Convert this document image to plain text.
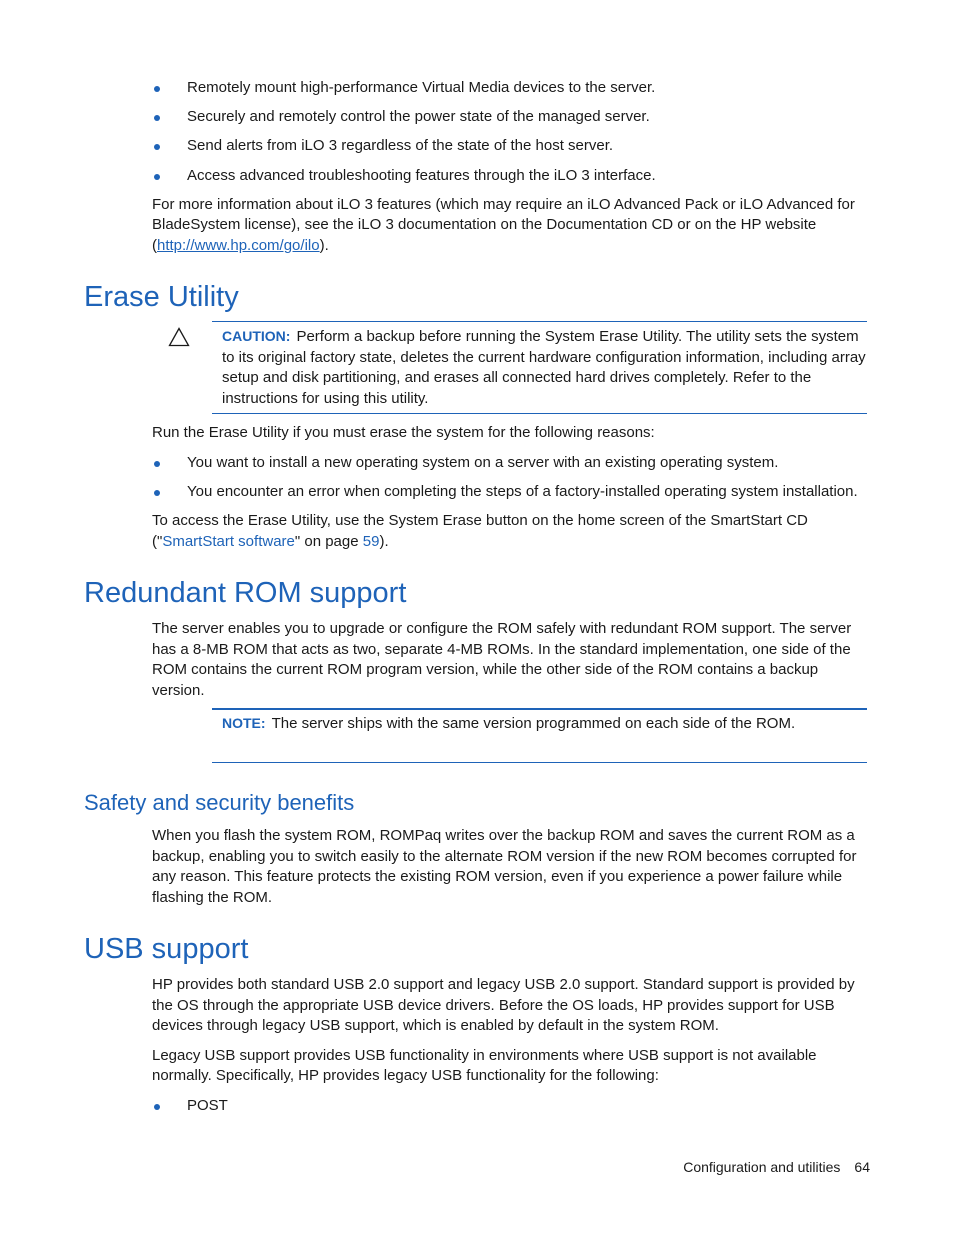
Remotely mount high-performance Virtual Media devices to the server.
Securely and remotely control the power state of the managed server.
Send alerts from iLO 3 regardless of the state of the host server.
Access advanced troubleshooting features through the iLO 3 interface.

For more information about iLO 3 features (which may require an iLO Advanced Pack or iLO Advanced for BladeSystem license), see the iLO 3 documentation on the Documentation CD or on the HP website (http://www.hp.com/go/ilo).

Erase Utility
CAUTION: Perform a backup before running the System Erase Utility. The utility sets the system to its original factory state, deletes the current hardware configuration information, including array setup and disk partitioning, and erases all connected hard drives completely. Refer to the instructions for using this utility.

Run the Erase Utility if you must erase the system for the following reasons:

You want to install a new operating system on a server with an existing operating system.
You encounter an error when completing the steps of a factory-installed operating system installation.

To access the Erase Utility, use the System Erase button on the home screen of the SmartStart CD ("SmartStart software" on page 59).

Redundant ROM support

The server enables you to upgrade or configure the ROM safely with redundant ROM support. The server has a 8-MB ROM that acts as two, separate 4-MB ROMs. In the standard implementation, one side of the ROM contains the current ROM program version, while the other side of the ROM contains a backup version.

NOTE: The server ships with the same version programmed on each side of the ROM.
Safety and security benefits

When you flash the system ROM, ROMPaq writes over the backup ROM and saves the current ROM as a backup, enabling you to switch easily to the alternate ROM version if the new ROM becomes corrupted for any reason. This feature protects the existing ROM version, even if you experience a power failure while flashing the ROM.

USB support

HP provides both standard USB 2.0 support and legacy USB 2.0 support. Standard support is provided by the OS through the appropriate USB device drivers. Before the OS loads, HP provides support for USB devices through legacy USB support, which is enabled by default in the system ROM.

Legacy USB support provides USB functionality in environments where USB support is not available normally. Specifically, HP provides legacy USB functionality for the following:

POST
Configuration and utilities 64
